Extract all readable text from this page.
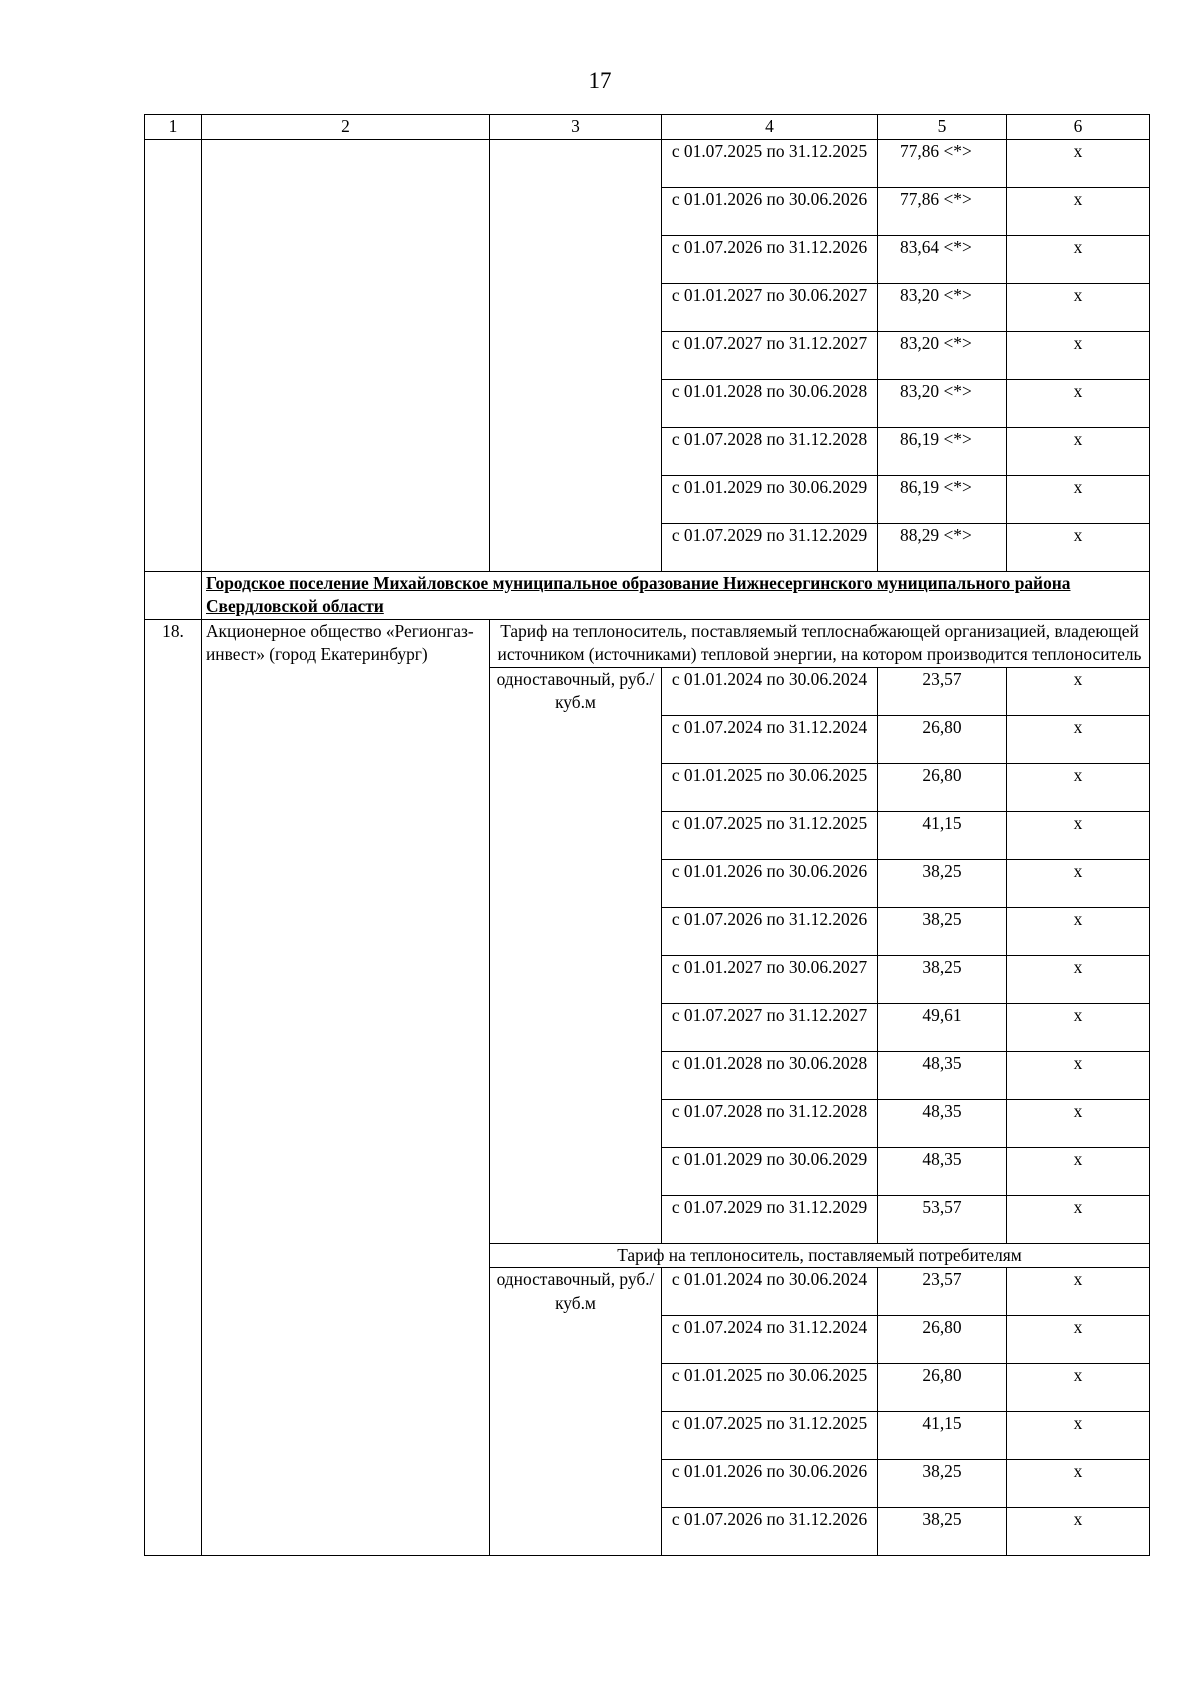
17
1	2	3	4	5	6
			с 01.07.2025 по 31.12.2025	77,86 <*>	х
			с 01.01.2026 по 30.06.2026	77,86 <*>	х
			с 01.07.2026 по 31.12.2026	83,64 <*>	х
			с 01.01.2027 по 30.06.2027	83,20 <*>	х
			с 01.07.2027 по 31.12.2027	83,20 <*>	х
			с 01.01.2028 по 30.06.2028	83,20 <*>	х
			с 01.07.2028 по 31.12.2028	86,19 <*>	х
			с 01.01.2029 по 30.06.2029	86,19 <*>	х
			с 01.07.2029 по 31.12.2029	88,29 <*>	х
	Городское поселение Михайловское муниципальное образование Нижнесергинского муниципального района Свердловской области				
18.	Акционерное общество «Регионгаз-инвест» (город Екатеринбург)	Тариф на теплоноситель, поставляемый теплоснабжающей организацией, владеющей источником (источниками) тепловой энергии, на котором производится теплоноситель			
		одноставочный, руб./куб.м	с 01.01.2024 по 30.06.2024	23,57	х
			с 01.07.2024 по 31.12.2024	26,80	х
			с 01.01.2025 по 30.06.2025	26,80	х
			с 01.07.2025 по 31.12.2025	41,15	х
			с 01.01.2026 по 30.06.2026	38,25	х
			с 01.07.2026 по 31.12.2026	38,25	х
			с 01.01.2027 по 30.06.2027	38,25	х
			с 01.07.2027 по 31.12.2027	49,61	х
			с 01.01.2028 по 30.06.2028	48,35	х
			с 01.07.2028 по 31.12.2028	48,35	х
			с 01.01.2029 по 30.06.2029	48,35	х
			с 01.07.2029 по 31.12.2029	53,57	х
		Тариф на теплоноситель, поставляемый потребителям			
		одноставочный, руб./куб.м	с 01.01.2024 по 30.06.2024	23,57	х
			с 01.07.2024 по 31.12.2024	26,80	х
			с 01.01.2025 по 30.06.2025	26,80	х
			с 01.07.2025 по 31.12.2025	41,15	х
			с 01.01.2026 по 30.06.2026	38,25	х
			с 01.07.2026 по 31.12.2026	38,25	х
